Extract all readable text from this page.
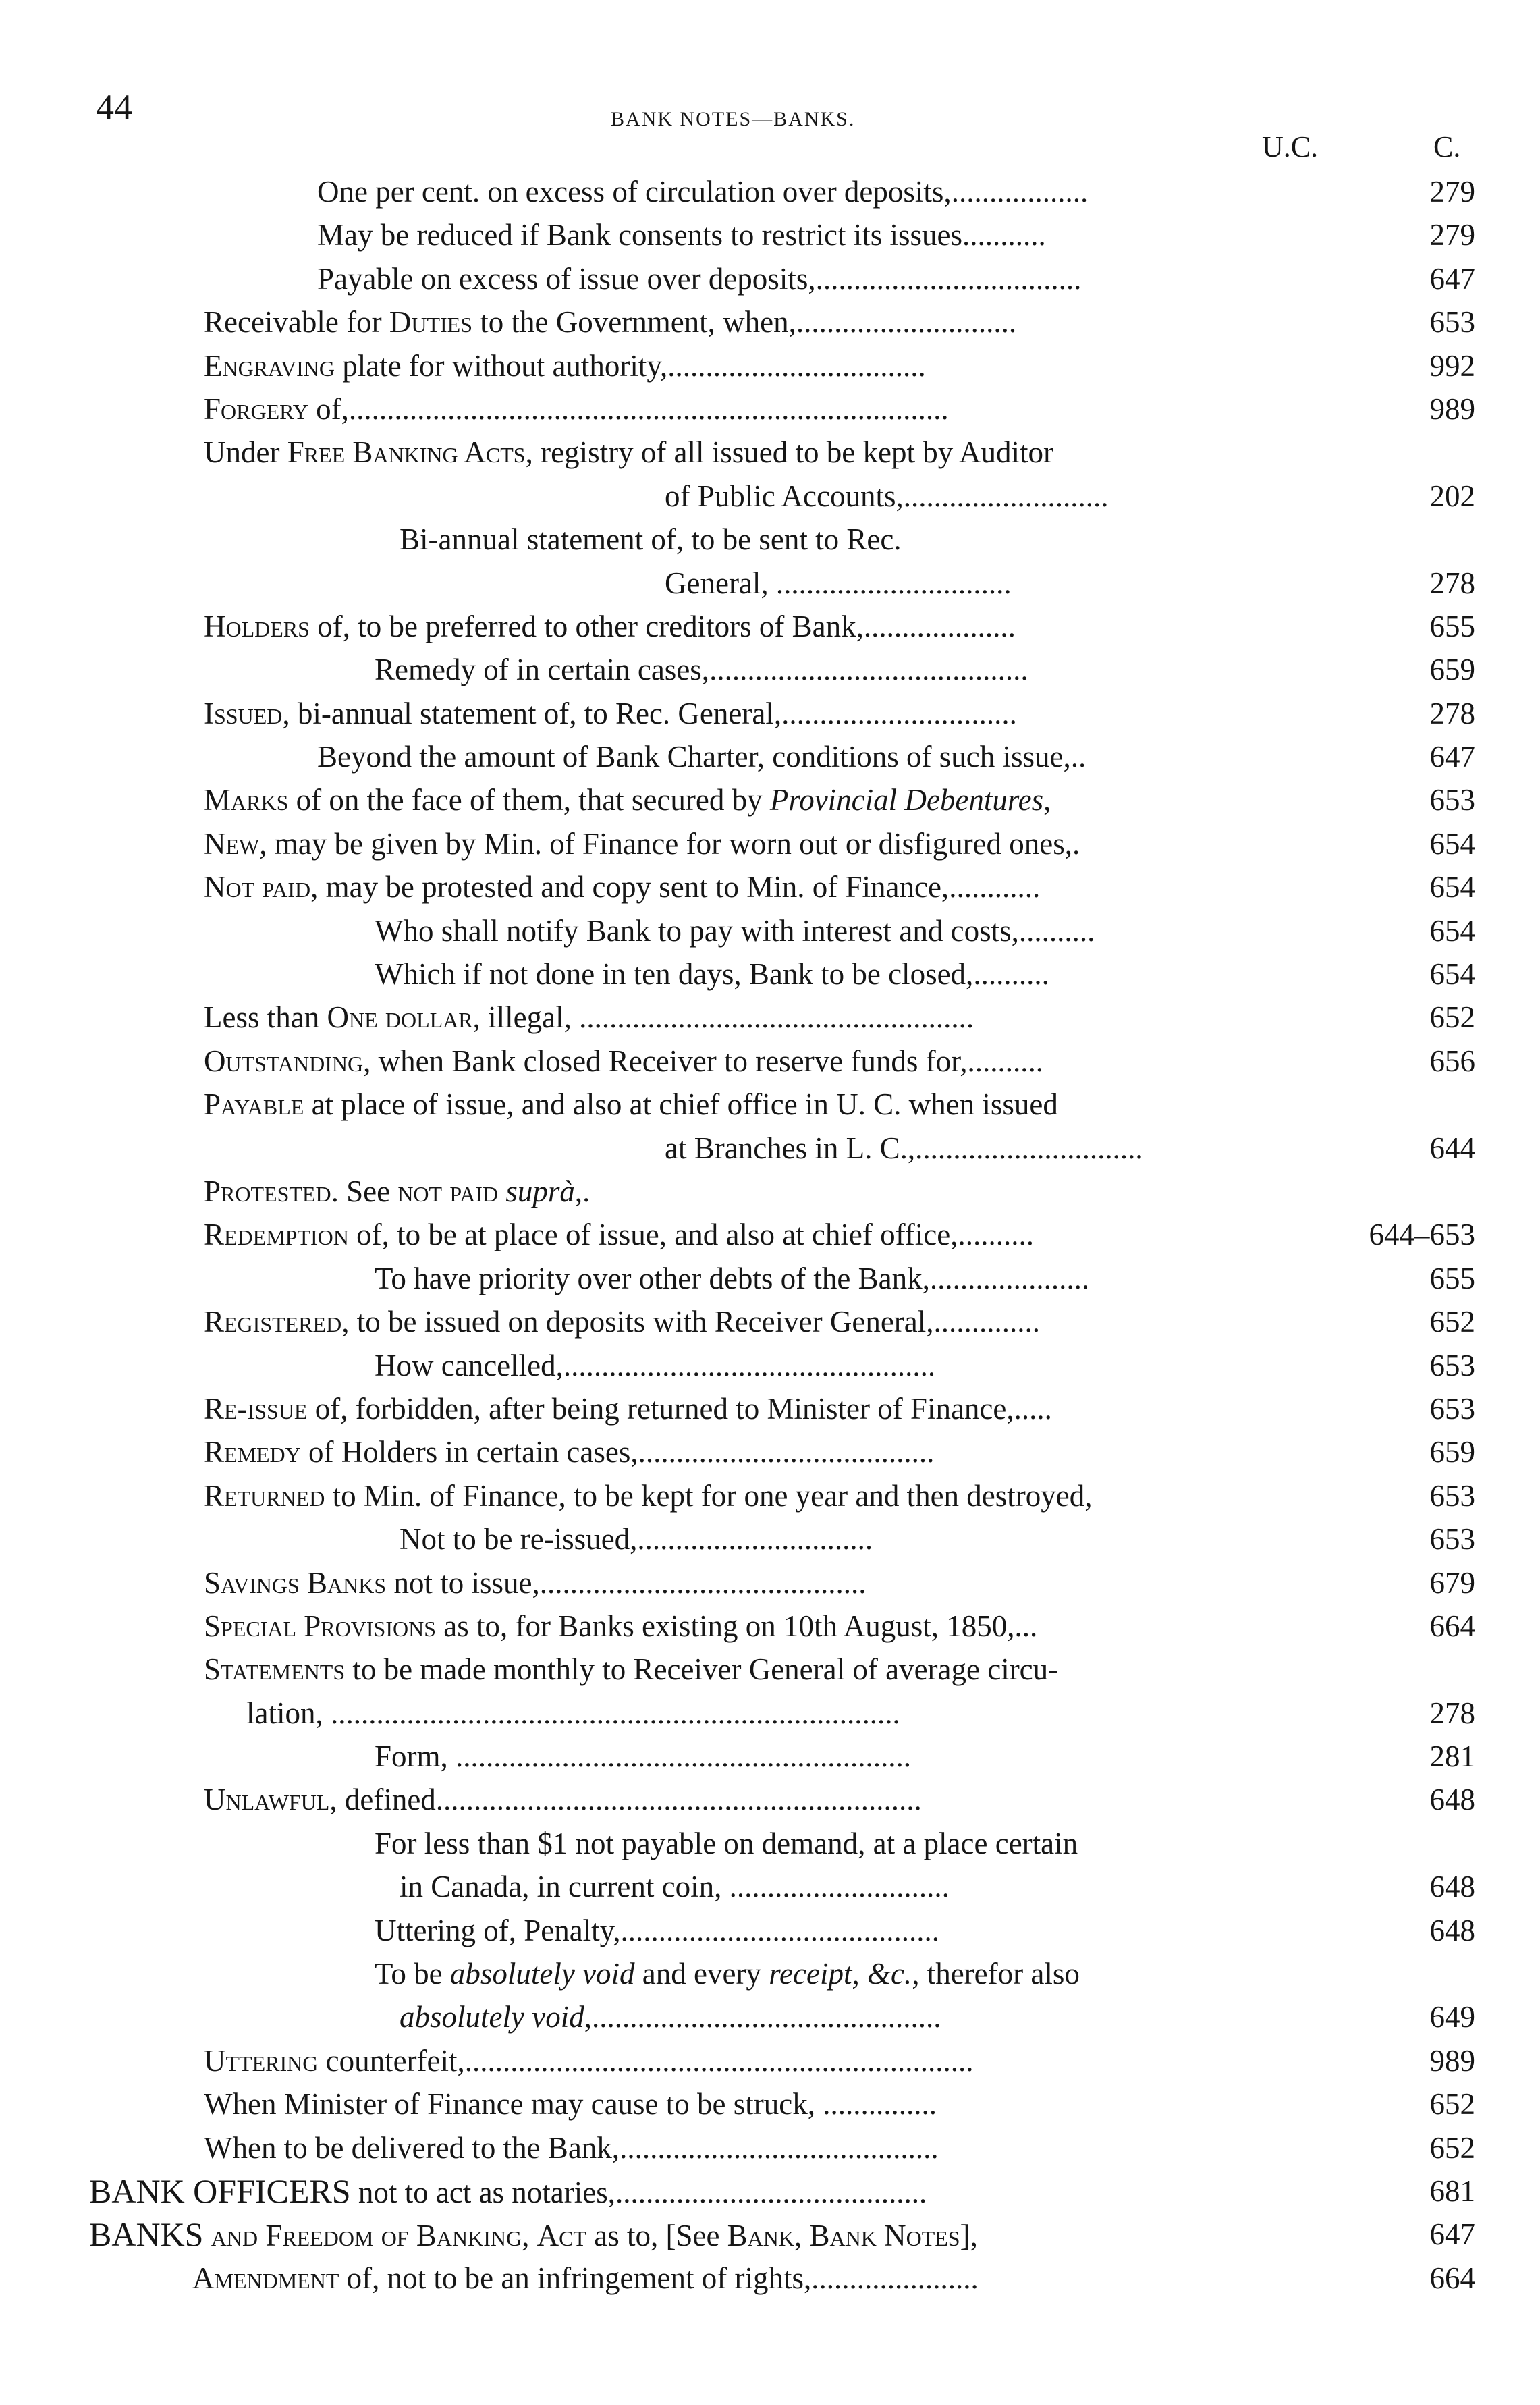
44	BANK NOTES—BANKS.
U.C.	C.
One per cent. on excess of circulation over deposits,..................	279
May be reduced if Bank consents to restrict its issues...........	279
Payable on excess of issue over deposits,...................................	647
Receivable for Duties to the Government, when,.............................	653
Engraving plate for without authority,..................................	992
Forgery of,...............................................................................	989
Under Free Banking Acts, registry of all issued to be kept by Auditor
of Public Accounts,...........................	202
Bi-annual statement of, to be sent to Rec.
General, ...............................	278
Holders of, to be preferred to other creditors of Bank,....................	655
Remedy of in certain cases,..........................................	659
Issued, bi-annual statement of, to Rec. General,...............................	278
Beyond the amount of Bank Charter, conditions of such issue,..	647
Marks of on the face of them, that secured by Provincial Debentures,	653
New, may be given by Min. of Finance for worn out or disfigured ones,.	654
Not paid, may be protested and copy sent to Min. of Finance,............	654
Who shall notify Bank to pay with interest and costs,..........	654
Which if not done in ten days, Bank to be closed,..........	654
Less than One dollar, illegal, ....................................................	652
Outstanding, when Bank closed Receiver to reserve funds for,..........	656
Payable at place of issue, and also at chief office in U. C. when issued
at Branches in L. C.,..............................	644
Protested. See not paid suprà,.
Redemption of, to be at place of issue, and also at chief office,..........	644–653
To have priority over other debts of the Bank,.....................	655
Registered, to be issued on deposits with Receiver General,..............	652
How cancelled,.................................................	653
Re-issue of, forbidden, after being returned to Minister of Finance,.....	653
Remedy of Holders in certain cases,.......................................	659
Returned to Min. of Finance, to be kept for one year and then destroyed,	653
Not to be re-issued,...............................	653
Savings Banks not to issue,...........................................	679
Special Provisions as to, for Banks existing on 10th August, 1850,...	664
Statements to be made monthly to Receiver General of average circu-
lation, ...........................................................................	278
Form, ............................................................	281
Unlawful, defined................................................................	648
For less than $1 not payable on demand, at a place certain
in Canada, in current coin, .............................	648
Uttering of, Penalty,..........................................	648
To be absolutely void and every receipt, &c., therefor also
absolutely void,..............................................	649
Uttering counterfeit,...................................................................	989
When Minister of Finance may cause to be struck, ...............	652
When to be delivered to the Bank,..........................................	652
BANK OFFICERS not to act as notaries,.........................................	681
BANKS and Freedom of Banking, Act as to, [See Bank, Bank Notes],	647
Amendment of, not to be an infringement of rights,......................	664
